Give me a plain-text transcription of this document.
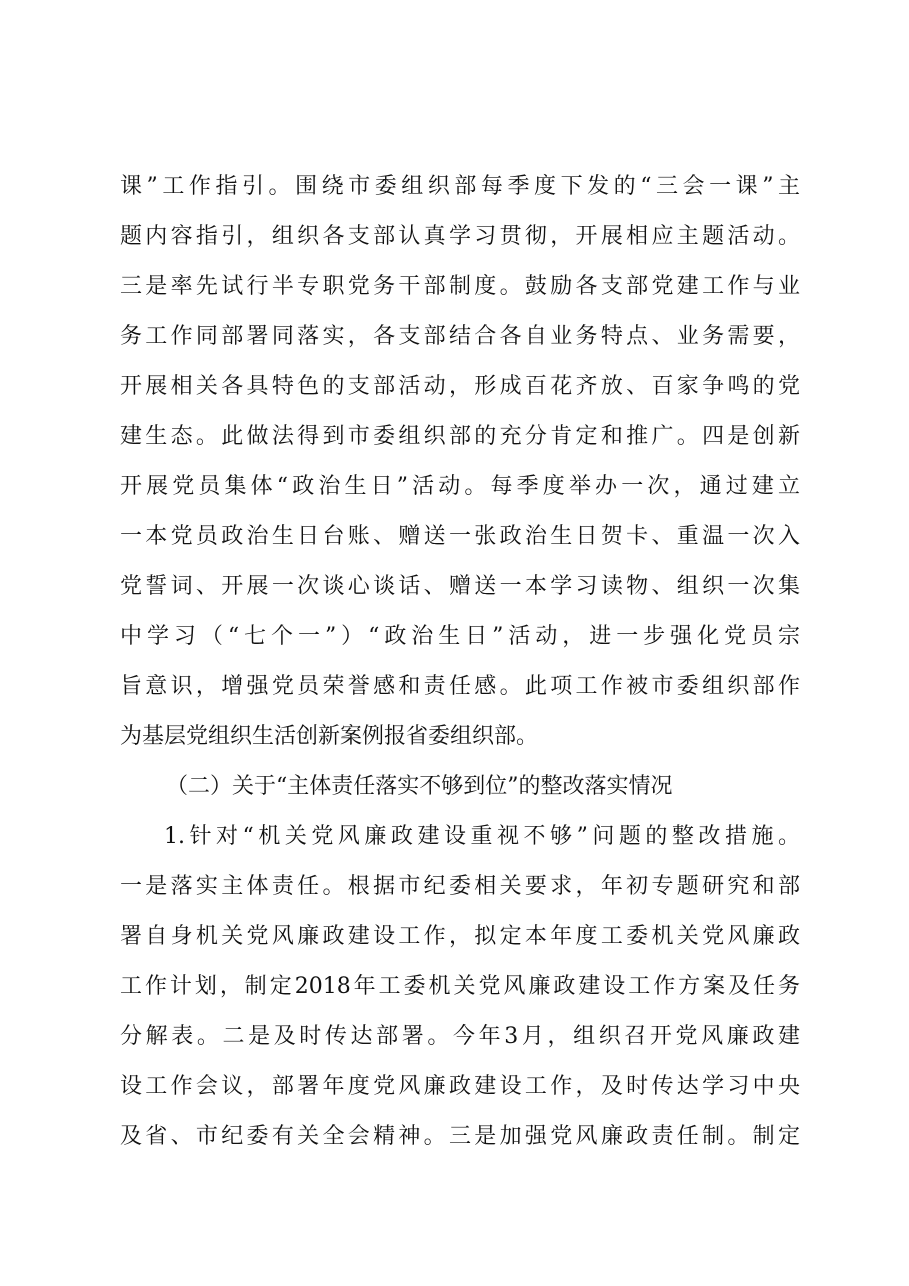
课”工作指引。围绕市委组织部每季度下发的“三会一课”主
题内容指引，组织各支部认真学习贯彻，开展相应主题活动。
三是率先试行半专职党务干部制度。鼓励各支部党建工作与业
务工作同部署同落实，各支部结合各自业务特点、业务需要，
开展相关各具特色的支部活动，形成百花齐放、百家争鸣的党
建生态。此做法得到市委组织部的充分肯定和推广。四是创新
开展党员集体“政治生日”活动。每季度举办一次，通过建立
一本党员政治生日台账、赠送一张政治生日贺卡、重温一次入
党誓词、开展一次谈心谈话、赠送一本学习读物、组织一次集
中学习（“七个一”）“政治生日”活动，进一步强化党员宗
旨意识，增强党员荣誉感和责任感。此项工作被市委组织部作
为基层党组织生活创新案例报省委组织部。
（二）关于“主体责任落实不够到位”的整改落实情况
1.针对“机关党风廉政建设重视不够”问题的整改措施。
一是落实主体责任。根据市纪委相关要求，年初专题研究和部
署自身机关党风廉政建设工作，拟定本年度工委机关党风廉政
工作计划，制定2018年工委机关党风廉政建设工作方案及任务
分解表。二是及时传达部署。今年3月，组织召开党风廉政建
设工作会议，部署年度党风廉政建设工作，及时传达学习中央
及省、市纪委有关全会精神。三是加强党风廉政责任制。制定
